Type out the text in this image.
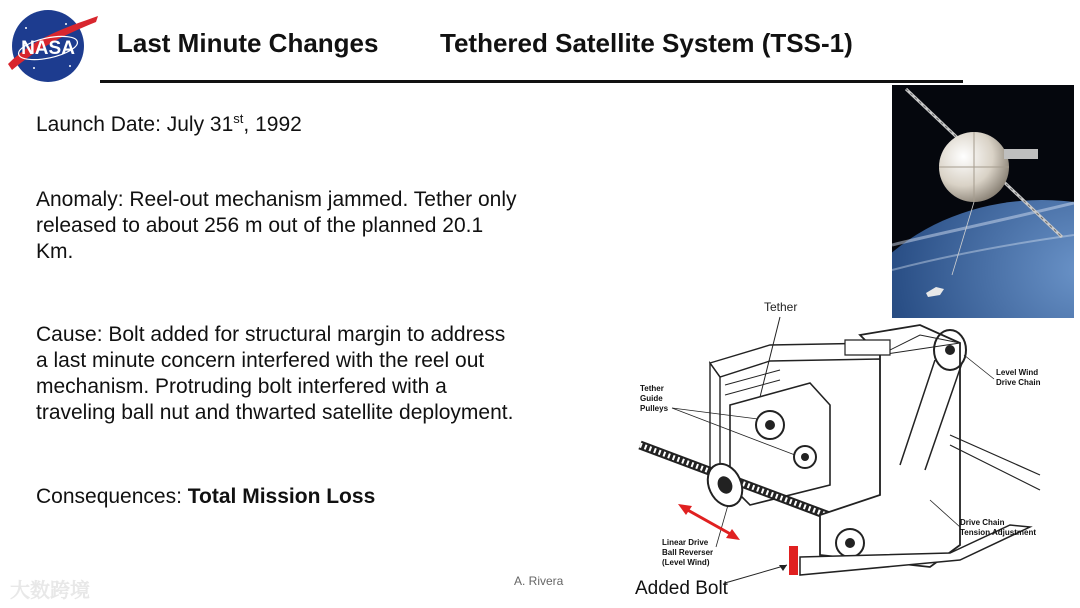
NASA Last Minute Changes Tethered Satellite System (TSS-1)
Launch Date: July 31st, 1992
Anomaly: Reel-out mechanism jammed. Tether only
released to about 256 m out of the planned 20.1
Km.
Cause: Bolt added for structural margin to address
a last minute concern interfered with the reel out
mechanism. Protruding bolt interfered with a
traveling ball nut and thwarted satellite deployment.
Consequences: Total Mission Loss
Tether
Tether
Guide
Pulleys
Level Wind
Drive Chain
Drive Chain
Tension Adjustment
Linear Drive
Ball Reverser
(Level Wind)
Added Bolt
A. Rivera
大数跨境
